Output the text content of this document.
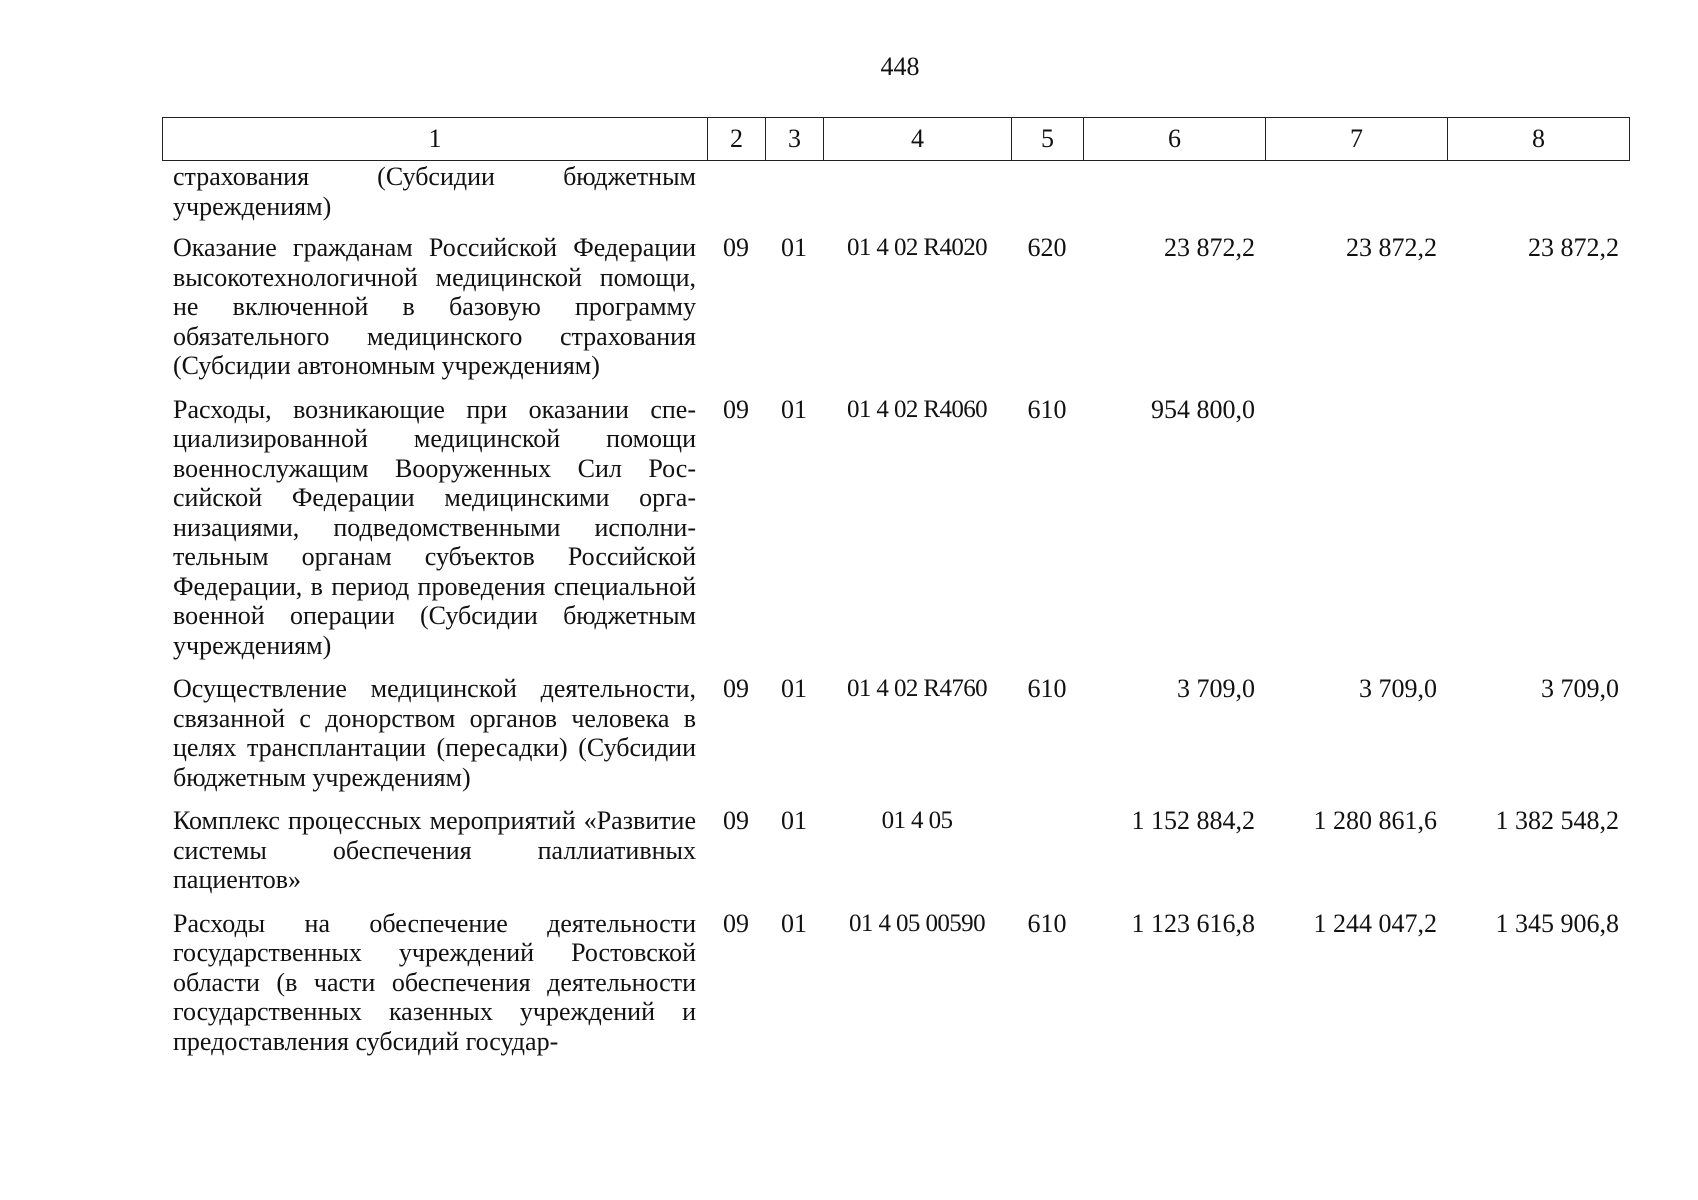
448
1	2	3	4	5	6	7	8
страхования (Субсидии бюджетным учреждениям)							
Оказание гражданам Российской Федерации высокотехнологичной медицинской помощи, не включенной в базовую программу обязательного медицинского страхования (Субсидии автономным учреждениям)	09	01	01 4 02 R4020	620	23 872,2	23 872,2	23 872,2
Расходы, возникающие при оказании специализированной медицинской помощи военнослужащим Вооруженных Сил Российской Федерации медицинскими организациями, подведомственными исполнительным органам субъектов Российской Федерации, в период проведения специальной военной операции (Субсидии бюджетным учреждениям)	09	01	01 4 02 R4060	610	954 800,0		
Осуществление медицинской деятельности, связанной с донорством органов человека в целях трансплантации (пересадки) (Субсидии бюджетным учреждениям)	09	01	01 4 02 R4760	610	3 709,0	3 709,0	3 709,0
Комплекс процессных мероприятий «Развитие системы обеспечения паллиативных пациентов»	09	01	01 4 05		1 152 884,2	1 280 861,6	1 382 548,2
Расходы на обеспечение деятельности государственных учреждений Ростовской области (в части обеспечения деятельности государственных казенных учреждений и предоставления субсидий государ-	09	01	01 4 05 00590	610	1 123 616,8	1 244 047,2	1 345 906,8
